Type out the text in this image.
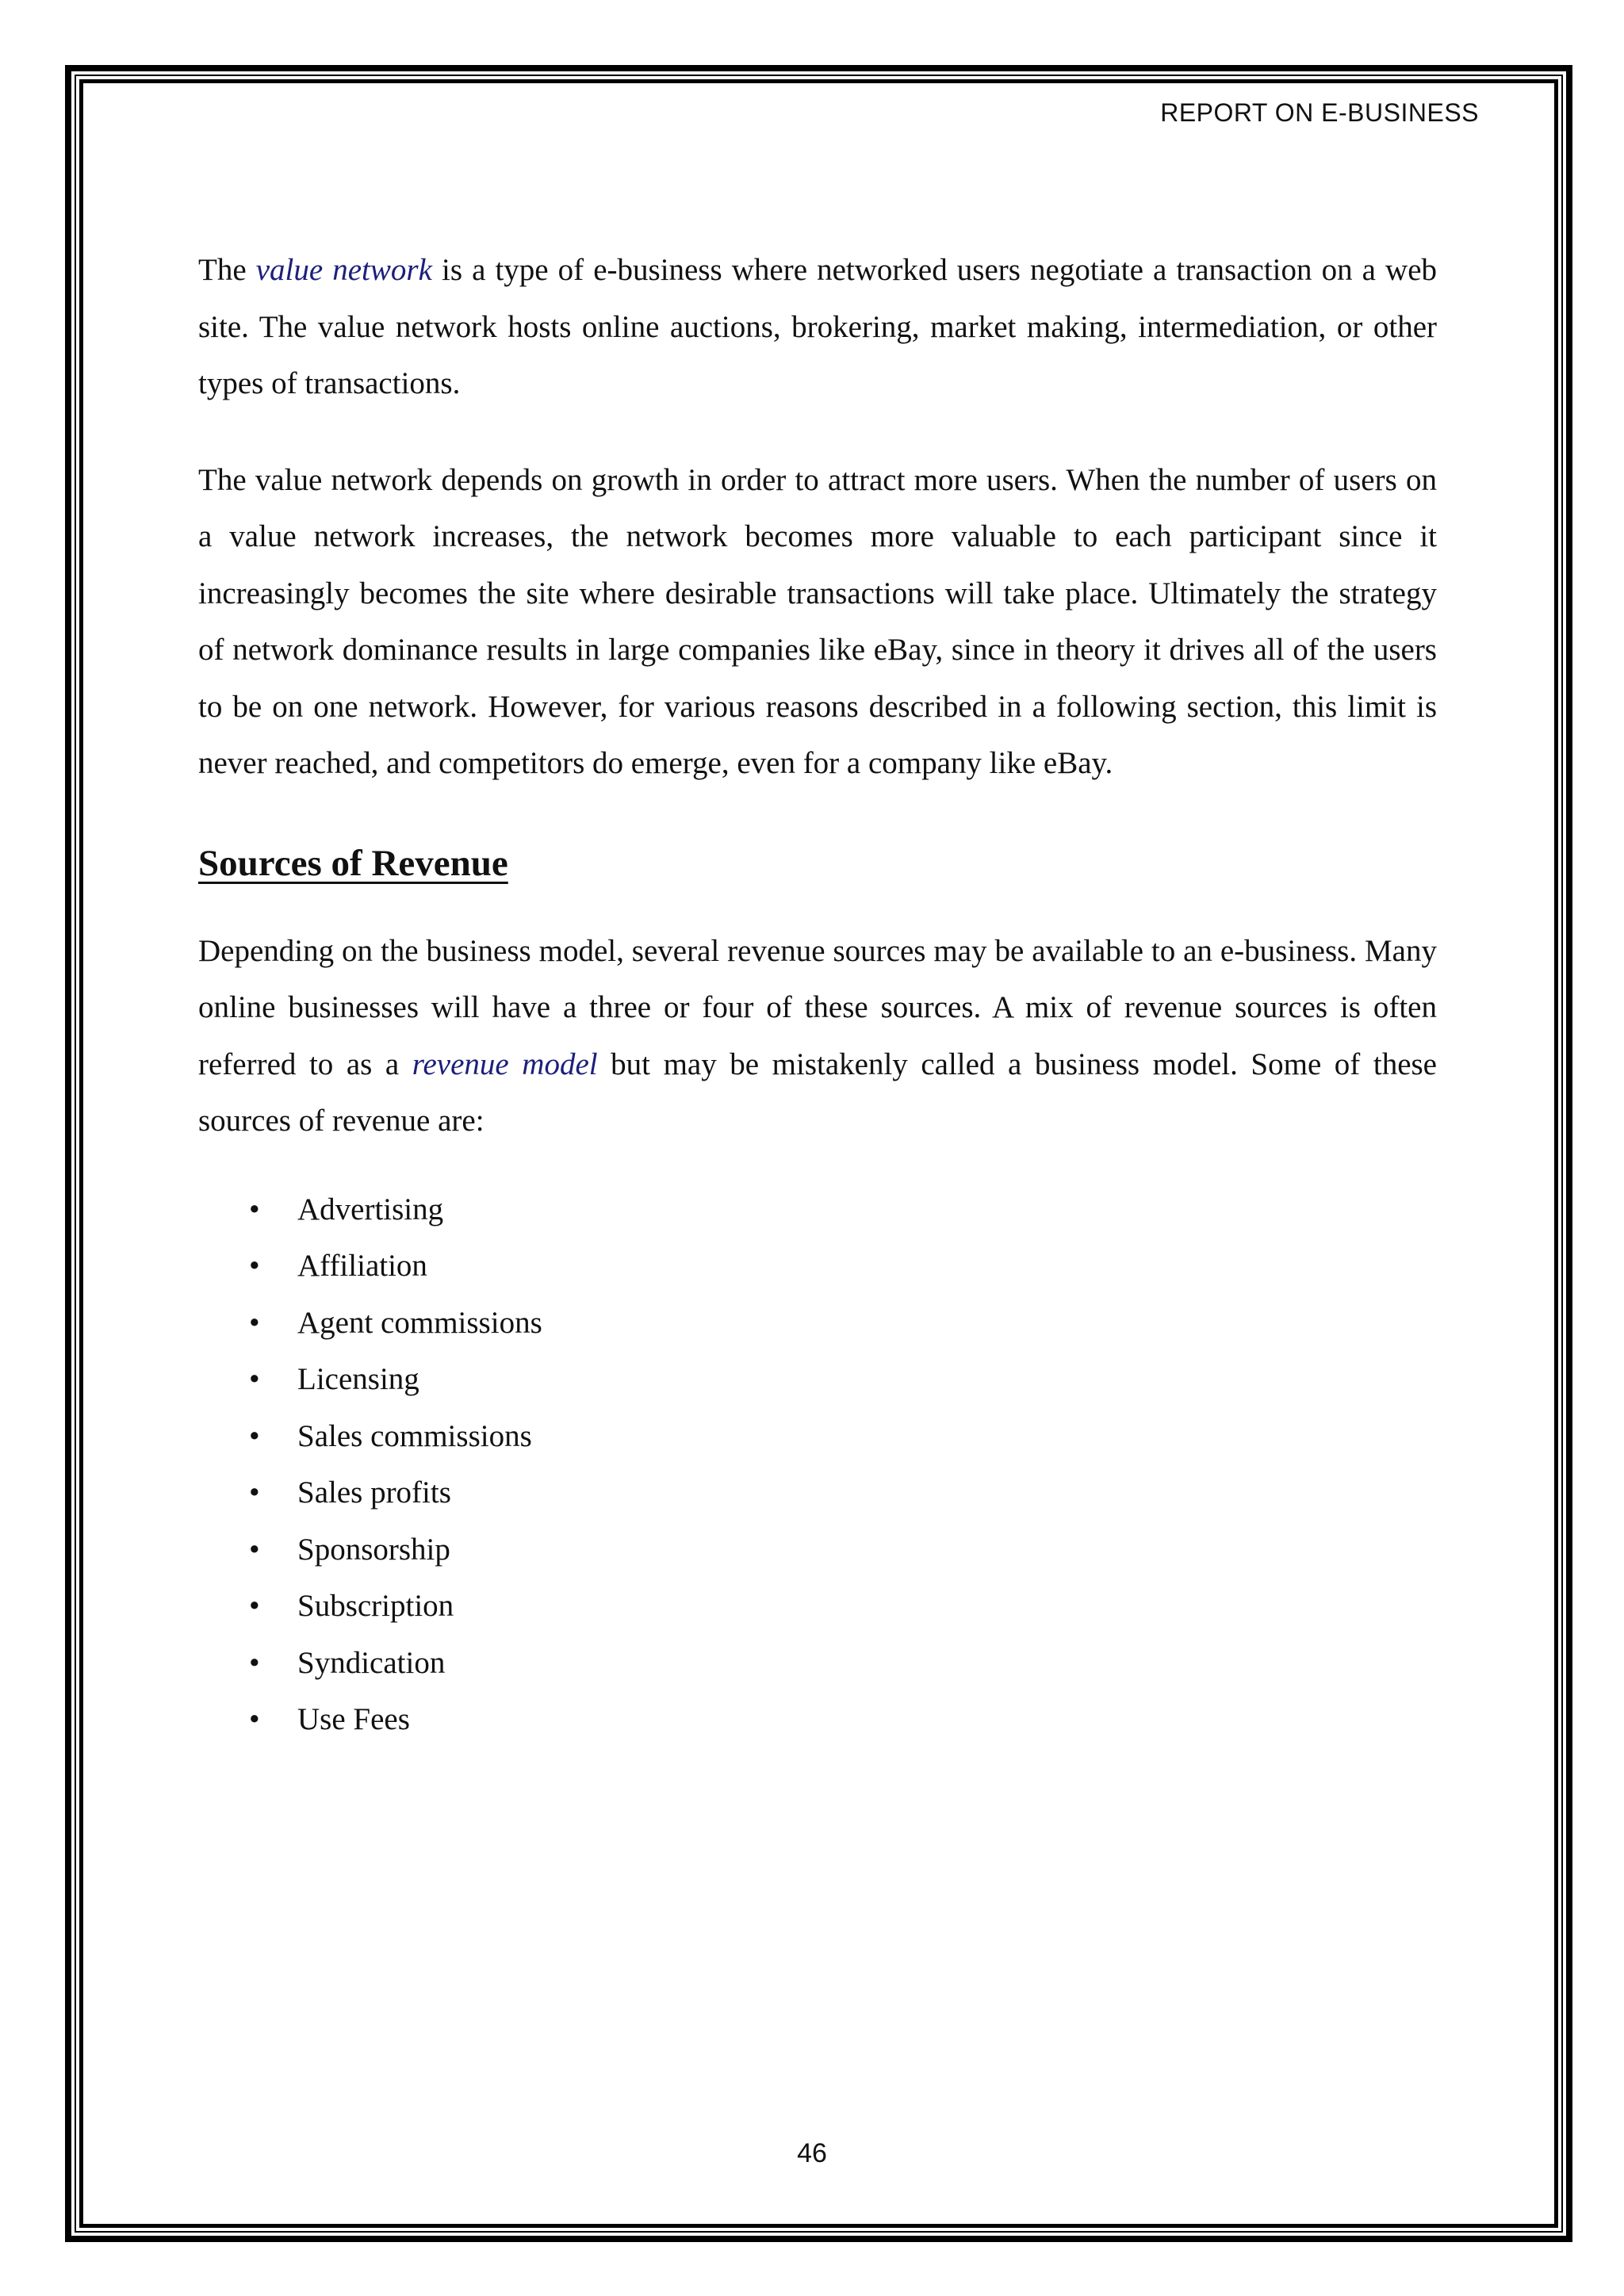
REPORT ON E-BUSINESS

The value network is a type of e-business where networked users negotiate a transaction on a web site. The value network hosts online auctions, brokering, market making, intermediation, or other types of transactions.

The value network depends on growth in order to attract more users. When the number of users on a value network increases, the network becomes more valuable to each participant since it increasingly becomes the site where desirable transactions will take place. Ultimately the strategy of network dominance results in large companies like eBay, since in theory it drives all of the users to be on one network. However, for various reasons described in a following section, this limit is never reached, and competitors do emerge, even for a company like eBay.

Sources of Revenue

Depending on the business model, several revenue sources may be available to an e-business. Many online businesses will have a three or four of these sources. A mix of revenue sources is often referred to as a revenue model but may be mistakenly called a business model. Some of these sources of revenue are:

• Advertising
• Affiliation
• Agent commissions
• Licensing
• Sales commissions
• Sales profits
• Sponsorship
• Subscription
• Syndication
• Use Fees
46
